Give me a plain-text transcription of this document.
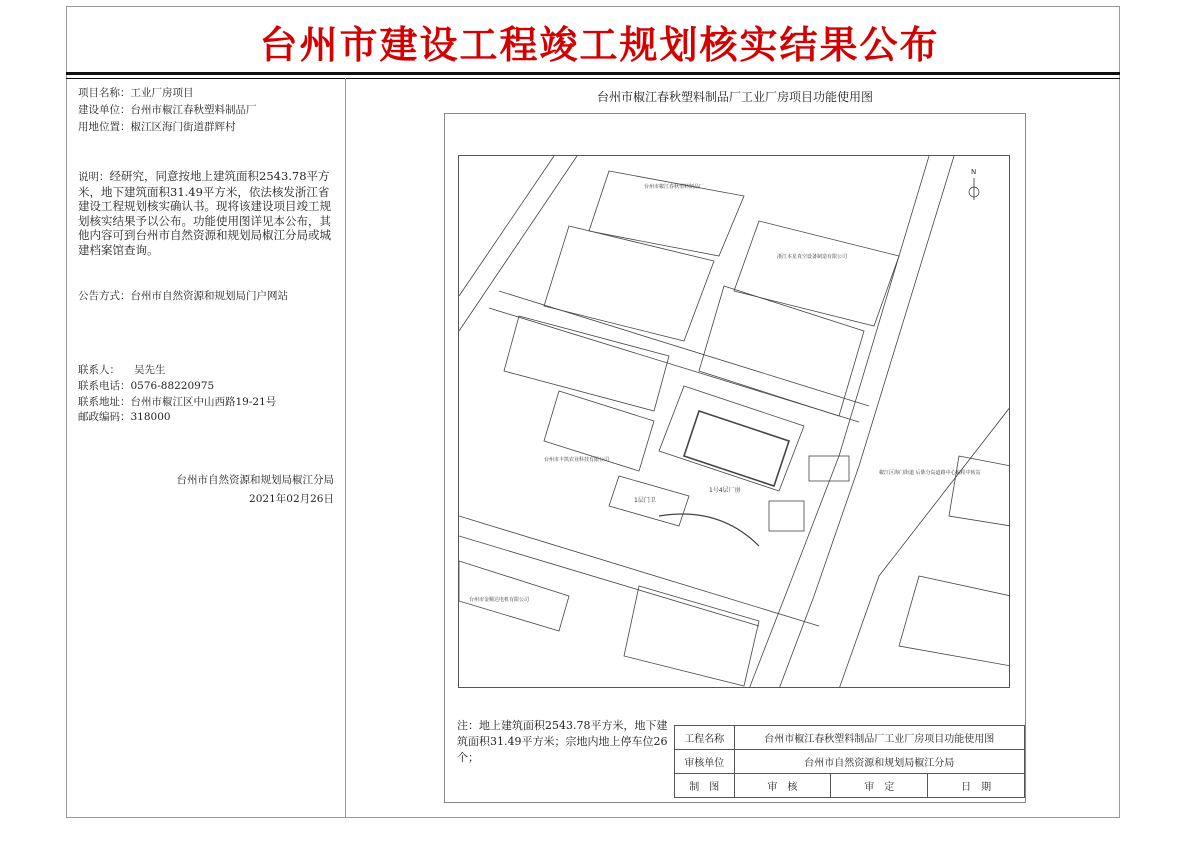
台州市建设工程竣工规划核实结果公布
项目名称：工业厂房项目
建设单位：台州市椒江春秋塑料制品厂
用地位置：椒江区海门街道群辉村
说明：经研究，同意按地上建筑面积2543.78平方米，地下建筑面积31.49平方米，依法核发浙江省建设工程规划核实确认书。现将该建设项目竣工规划核实结果予以公布。功能使用图详见本公布，其他内容可到台州市自然资源和规划局椒江分局或城建档案馆查询。
公告方式：台州市自然资源和规划局门户网站
联系人： 吴先生
联系电话：0576-88220975
联系地址：台州市椒江区中山西路19-21号
邮政编码：318000
台州市自然资源和规划局椒江分局
2021年02月26日
台州市椒江春秋塑料制品厂工业厂房项目功能使用图
台州市椒江春秋塑料制品厂
浙江本星真空设备制造有限公司
台州市丰凯农业科技有限公司
台州市金顺达电机有限公司
椒江区海门街道 后陈分岛道路中心编程中转站
1号4层厂房
1层门卫
N
注：地上建筑面积2543.78平方米，地下建筑面积31.49平方米；宗地内地上停车位26个；
工程名称	台州市椒江春秋塑料制品厂工业厂房项目功能使用图		
审核单位	台州市自然资源和规划局椒江分局		
制　图	审　核	审　定	日　期
